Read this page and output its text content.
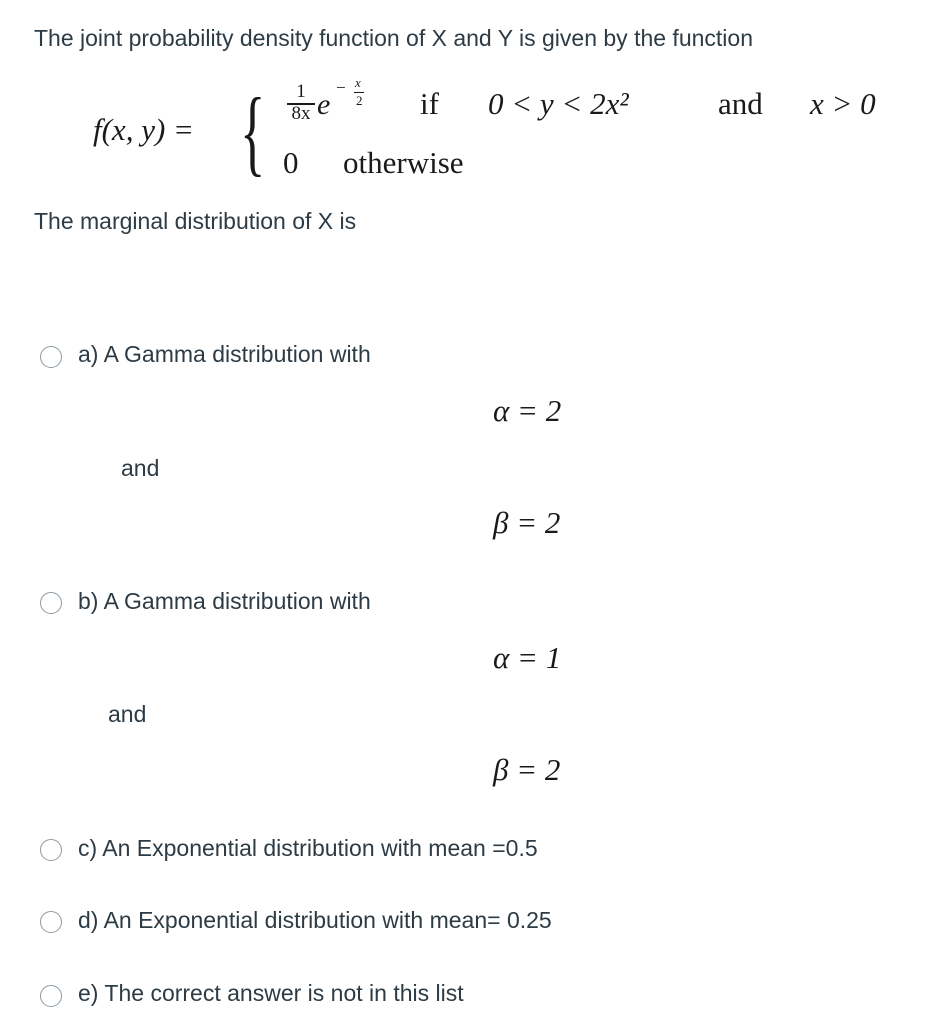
The joint probability density function of X and Y is given by the function
f(x, y) = {	1
8x e
− x
2 if 0 < y < 2x²	and x > 0
0 otherwise
The marginal distribution of X is
a) A Gamma distribution with
α = 2
and
β = 2
b) A Gamma distribution with
α = 1
and
β = 2
c) An Exponential distribution with mean =0.5
d) An Exponential distribution with mean= 0.25
e) The correct answer is not in this list
